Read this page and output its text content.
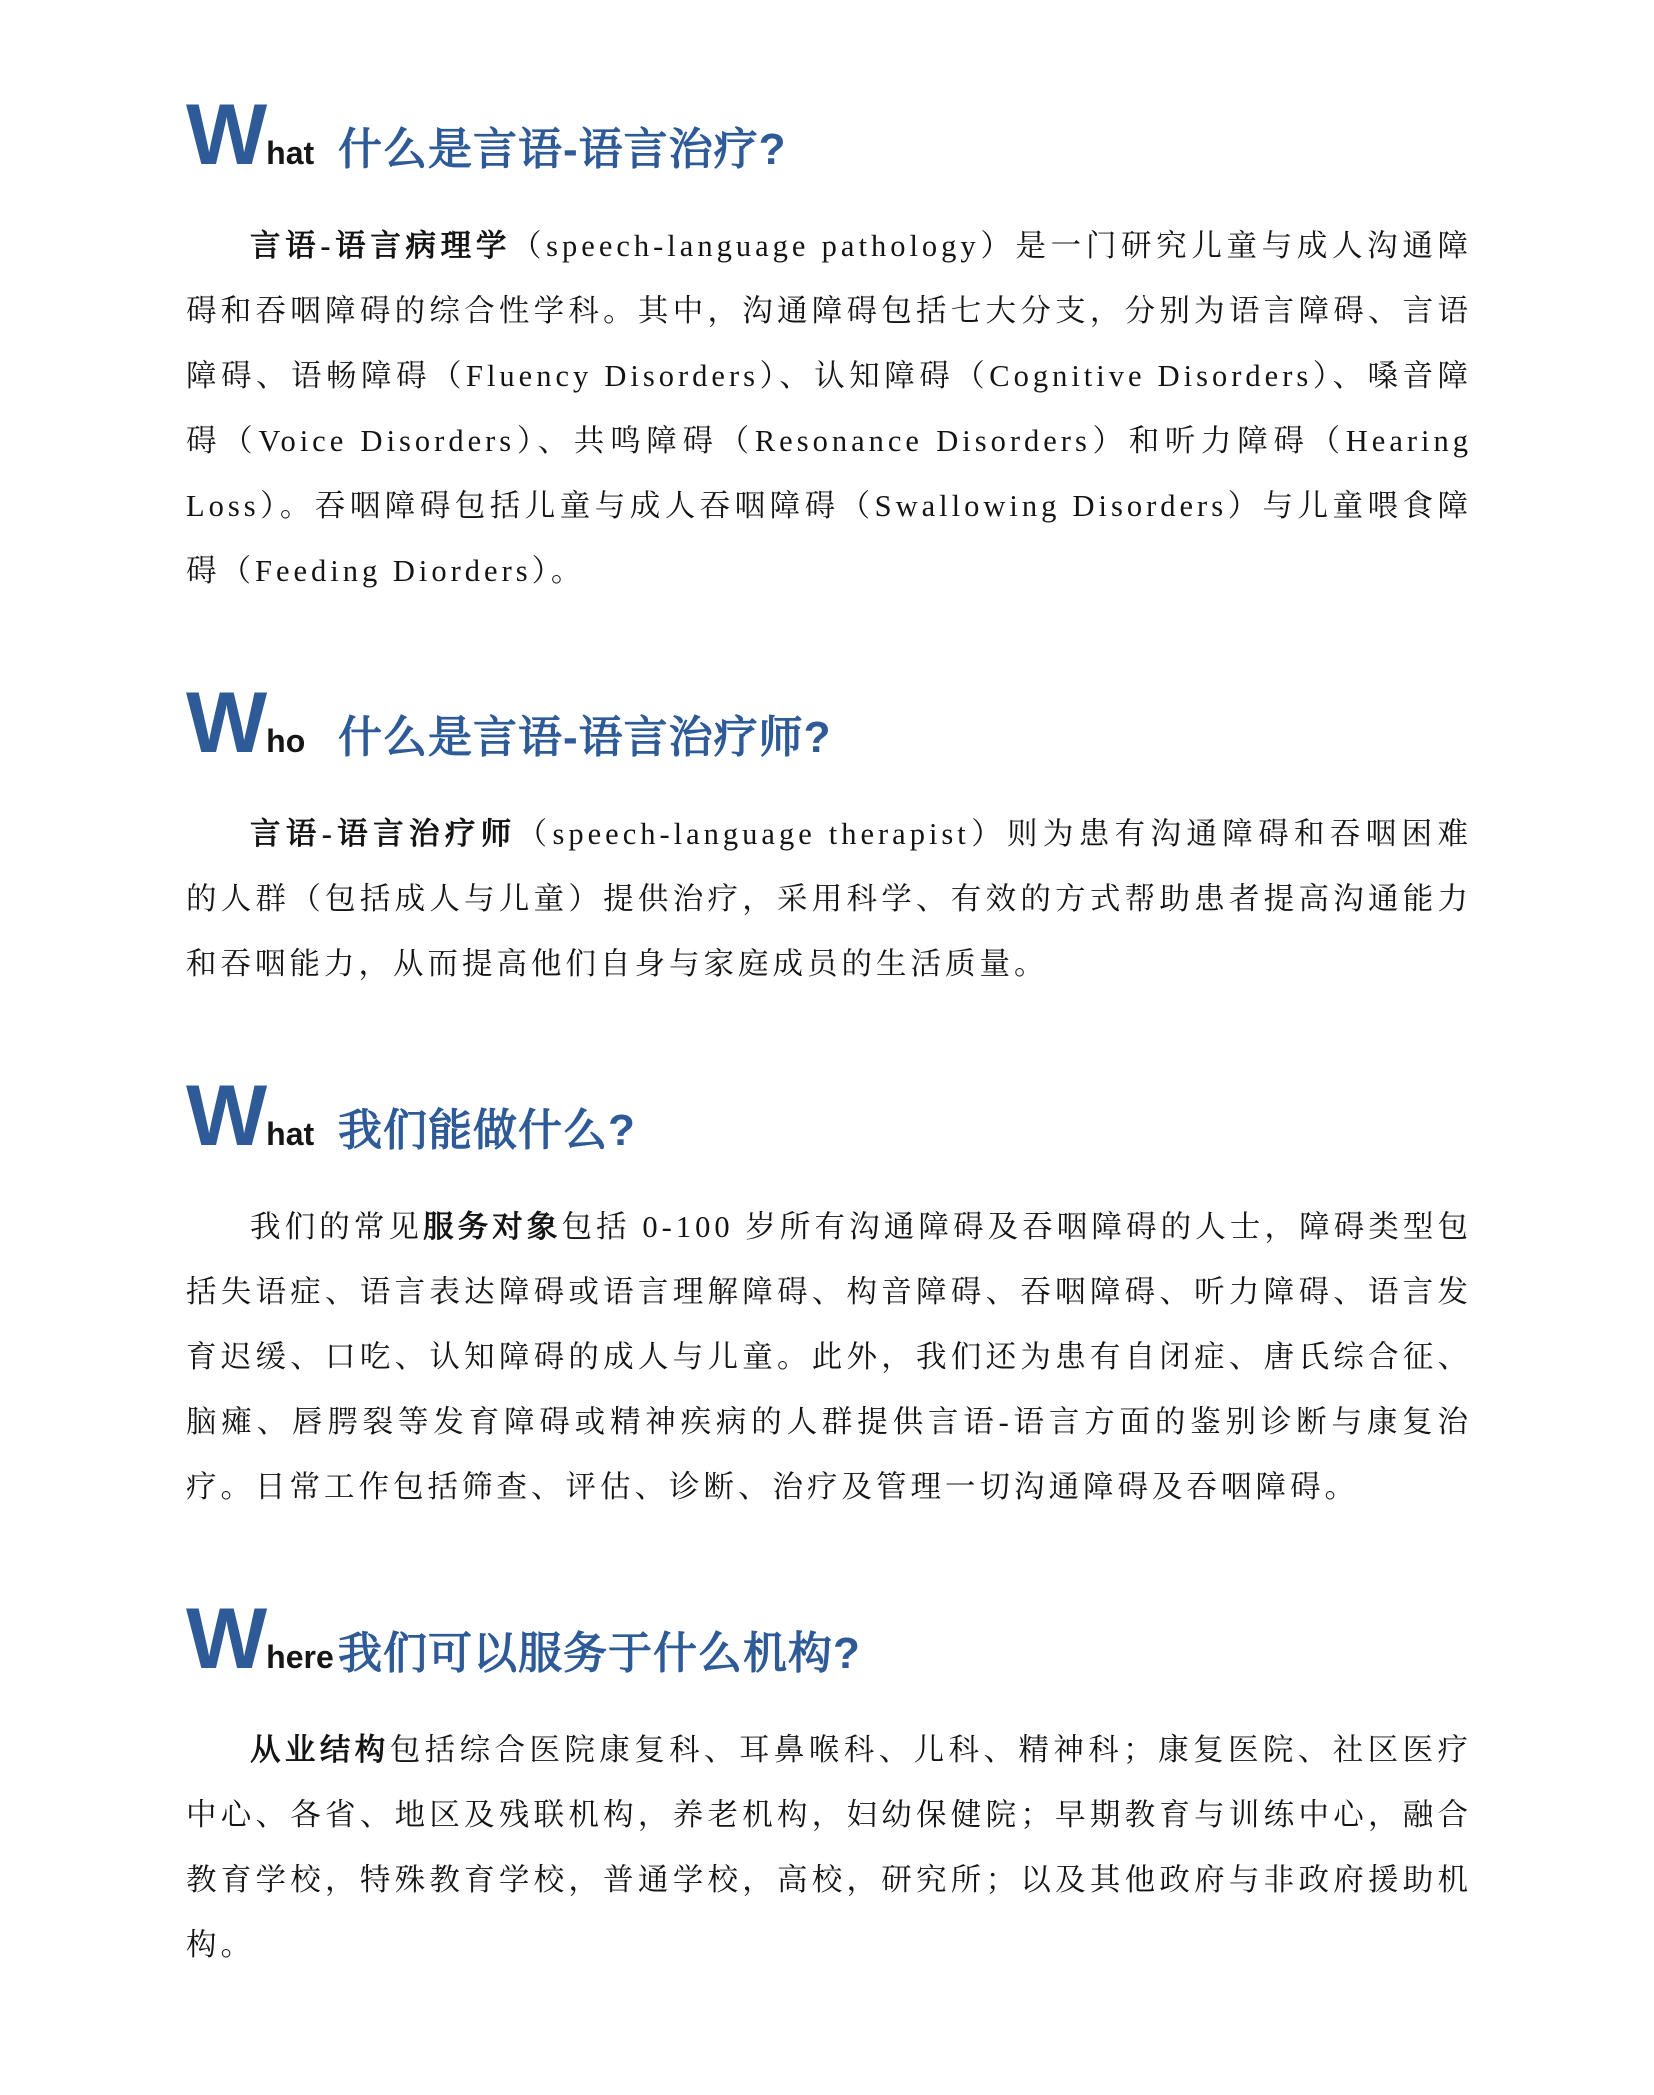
W hat 什么是言语-语言治疗?

言语-语言病理学（speech-language pathology）是一门研究儿童与成人沟通障碍和吞咽障碍的综合性学科。其中，沟通障碍包括七大分支，分别为语言障碍、言语障碍、语畅障碍（Fluency Disorders）、认知障碍（Cognitive Disorders）、嗓音障碍（Voice Disorders）、共鸣障碍（Resonance Disorders）和听力障碍（Hearing Loss）。吞咽障碍包括儿童与成人吞咽障碍（Swallowing Disorders）与儿童喂食障碍（Feeding Diorders）。

W ho 什么是言语-语言治疗师?

言语-语言治疗师（speech-language therapist）则为患有沟通障碍和吞咽困难的人群（包括成人与儿童）提供治疗，采用科学、有效的方式帮助患者提高沟通能力和吞咽能力，从而提高他们自身与家庭成员的生活质量。

W hat 我们能做什么?

我们的常见服务对象包括 0-100 岁所有沟通障碍及吞咽障碍的人士，障碍类型包括失语症、语言表达障碍或语言理解障碍、构音障碍、吞咽障碍、听力障碍、语言发育迟缓、口吃、认知障碍的成人与儿童。此外，我们还为患有自闭症、唐氏综合征、脑瘫、唇腭裂等发育障碍或精神疾病的人群提供言语-语言方面的鉴别诊断与康复治疗。日常工作包括筛查、评估、诊断、治疗及管理一切沟通障碍及吞咽障碍。

W here 我们可以服务于什么机构?

从业结构包括综合医院康复科、耳鼻喉科、儿科、精神科；康复医院、社区医疗中心、各省、地区及残联机构，养老机构，妇幼保健院；早期教育与训练中心，融合教育学校，特殊教育学校，普通学校，高校，研究所；以及其他政府与非政府援助机构。
